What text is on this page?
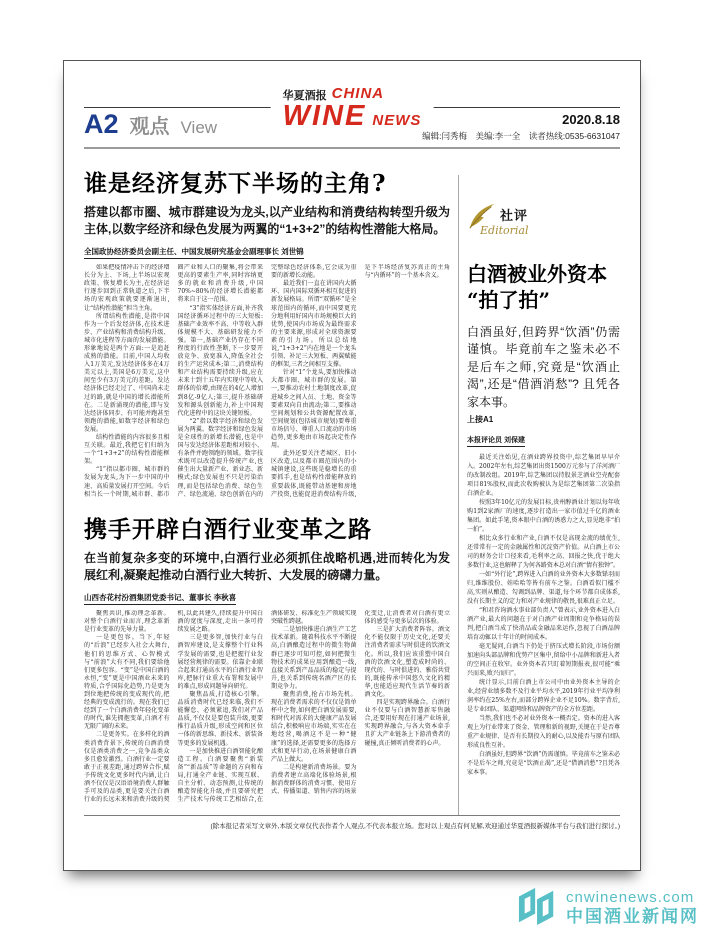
华夏酒报 CHINA
WINE NEWS
A2 观点 View	2020.8.18
编辑:闫秀梅　美编:李一全　读者热线:0535-6631047
谁是经济复苏下半场的主角?
搭建以都市圈、城市群建设为龙头,以产业结构和消费结构转型升级为主体,以数字经济和绿色发展为两翼的“1+3+2”的结构性潜能大格局。
全国政协经济委员会副主任、中国发展研究基金会副理事长 刘世锦

如果把疫情冲击下的经济增长分为上、下场,上半场以宏观政策、恢复增长为主,在经济运行逐步回到正常轨道之后,下半场的宏观政策就要逐渐退出,让“结构性潜能”担当主角。

所谓结构性潜能,是指中国作为一个后发经济体,在技术进步、产业结构和消费结构升级、城市化进程等方面的发展潜能。形象地说是两个方面:一是追赶成熟的潜能。目前,中国人均收入1万美元,发达经济体多在4万美元以上,美国是6万美元,这中间至少有3万美元的差距。发达经济体已经走过了、中国尚未走过的路,就是中国的增长潜能所在。二是新涌现的潜能,即与发达经济体同步、有可能并跑甚至领跑的潜能,如数字经济和绿色发展。

结构性潜能的内容很多且相互关联。最近,我把它们归纳为一个“1+3+2”的结构性潜能框架。

“1”指以都市圈、城市群的发展为龙头,为下一步中国的中速、高质量发展打开空间。今后相当长一个时期,城市群、都市圈产业和人口的聚集,将会带来更高的要素生产率,同时容纳更多的就业和消费升级,中国70%~80%的经济增长潜能都将来自于这一范围。

“3”指实体经济方面,补齐我国经济循环过程中的三大短板:基础产业效率不高、中等收入群体规模不大、基础研发能力不强。第一,基础产业仍存在不同程度的行政性垄断,下一步要开放竞争、放宽准入,降低全社会的生产运营成本;第二,消费结构和产业结构需要持续升级,应在未来十到十五年内实现中等收入群体的倍增,由现在的4亿人增加到8亿-9亿人;第三,提升基础研发和源头创新能力,补上中国现代化进程中的这块关键短板。

“2”指以数字经济和绿色发展为两翼。数字经济和绿色发展是全球性的新增长潜能,也是中国与发达经济体差距相对较小、有条件并跑领跑的领域。数字技术既可以改造提升传统产业,也催生出大量新产业、新业态、新模式;绿色发展也不只是污染治理,而是包括绿色消费、绿色生产、绿色流通、绿色创新在内的完整绿色经济体系,它会成为重要的新增长动能。

最近我们一直在讲国内大循环、国内国际双循环相互促进的新发展格局。所谓“双循环”是全球范围内的循环,而中国要更充分地利用好国内市场规模巨大的优势,使国内市场成为最终需求的主要来源,形成对全球资源要素的引力场。所以总结地说,“1+3+2”内在地是一个龙头引领、补足三大短板、两翼赋能的框架,三者之间相互支撑。

针对“1”个龙头,要加快推动大都市圈、城市群的发展。第一,要推动农村土地制度改革,促进城乡之间人员、土地、资金等要素双向自由流动;第二,要推动空间规划和公共资源配置改革,空间规划(包括城市规划)要尊重市场信号、尊重人口流动的市场趋势,更多地由市场起决定性作用。

此外还要关注老城区、旧小区改造,以及都市圈范围内的小城镇建设,这些既是稳增长的重要抓手,也是结构性潜能释放的重要载体,既能带动基建和房地产投资,也能促进消费结构升级,是下半场经济复苏真正的主角与“内循环”的一个基本含义。

携手开辟白酒行业变革之路
在当前复杂多变的环境中,白酒行业必须抓住战略机遇,进而转化为发展红利,凝聚起推动白酒行业大转折、大发展的磅礴力量。
山西杏花村汾酒集团党委书记、董事长 李秋喜

聚焦共识,推动理念革新。对整个白酒行业而言,理念革新是行业变革的先导力量。

一是更包容。当下,年轻的“后浪”已经步入社会大舞台,他们的思维方式、心智模式与“前浪”大有不同,我们要给他们更多包容。“变”是中国白酒的永恒,“变”更是中国酒业未来的特质,合乎国际化趋势,乃是更为到位地把传统的变成现代的,把经典的变成流行的。现在我们已经到了一个白酒消费年轻化变革的时代,谁先拥抱变革,白酒才有无限广阔的未来。

二是更务实。在多样化的酒类消费背景下,传统的白酒消费仅是酒类消费之一,竞争品类众多且愈发激烈。白酒行业一定要敢于正视差距,通过跨界合作,赋予传统文化更多时代内涵,让白酒不仅仅是汉语语境消费人群触手可及的品类,更是要关注白酒行业的长远未来和消费升级的契机,以此共建久,持续提升中国白酒的宽度与深度,走出一条可持续发展之路。

三是更多智,加快行业与白酒智库建设,是支撑整个行业科学发展的需要,也是把握行业发展经营规律的需要。依靠企业联合起来打通高水平的白酒行业智库,把脉行业重大布署和发展中的难点,形成问题导向研究。

聚焦品质,打造核心引擎。品质消费时代已经来临,我们不能懈怠、必须紧追,我们对产品品质,不仅仅是要包装升级,更要推行品质升级,形成空间和区位一体的新思维、新技术、新装备等更多的发展机遇。

一是加快推进白酒智能化酿造工程。白酒要聚焦“新装备”“新品质”等命题的方向和布局,打通全产业链、实现互联、自主分析、动态预测,让传统的酿造智能化升级,并且要研究把生产技术与传统工艺相结合,在酒体研发、标准化生产领域实现突破性跨越。

二是加快推进白酒生产工艺技术革新。随着科技水平不断提高,白酒酿造过程中的微生物菌群已逐步可知可控,如何把微生物技术的成果应用到酿造一线,直接关系到产品品质的稳定与提升,也关系到传统名酒产区的长期竞争力。

聚焦消费,抢占市场先机。现在消费者需求的不仅仅是简单杯中之物,如何把白酒发展需要,和时代对需求的大健康产品发展结合,积极响应市场端,实实在在地经营,喝酒这不是一种“健康”的选择,还需要更多的选择方式和更早行动,在场景健康白酒产品上做大。

二是构建新消费场景。要为消费者建立高端化体验场景,根据消费群体的消费习惯、使用方式、传播渠道、销售内容的场景化变迁,让消费者对白酒有更立体的感受与更多层次的体验。

三是扩大消费者阵容。酒文化不能仅限于历史文化,还要关注消费者需求与时俱进的饮酒文化。所以,我们应该重塑中国白酒的饮酒文化,塑造成时尚的、现代的、与时俱进的、雅俗共赏的,既能传承中国悠久文化的精华,也能适应现代生活节奏的新酒文化。

四是实现跨界融合。白酒行业不仅要与白酒智慧新零售融合,还要用好现在打通产业场景,实现跨界融合,与各大资本牵手且扩大产业链条上下游消费者的碰撞,真正倾听消费者的心声。

社评
Editorial
白酒被业外资本
“拍了拍”
白酒虽好,但跨界“饮酒”仍需谨慎。毕竟前车之鉴未必不是后车之师,究竟是“饮酒止渴”,还是“借酒消愁”? 且凭各家本事。
上接A1
本报评论员 刘保建

最近关注始见,在酒业跨界投资中,综艺集团早早介入。2002年左右,综艺集团出资1500万元参与了洋河酒厂的改制改组。2019年,综艺集团以持股景芝酒业空壳配套项目81%股权,而此次收购被认为是综艺集团第二次染指白酒企业。

按照3年10亿元的发展目标,贵州醇酒业计划以每年收购1到2家酒厂的速度,逐步打造出一家市值过千亿的酒业集团。如此手笔,资本眼中白酒的诱惑力之大,显见绝非“拍一拍”。

相比众多行业和产业,白酒不仅是高现金流的绩优生,还常常有一定的金融属性和沉淀资产价值。从白酒上市公司的财务会计口径来看,毛利率之高、回报之快,优于绝大多数行业,这也解释了为何各路资本总对白酒“情有独钟”。

一如“外行论”,跨界进入白酒的业外资本大多数铩羽而归,维维股份、娃哈哈等皆有前车之鉴。白酒看似门槛不高,实则从酿造、勾调到品牌、渠道,每个环节都自成体系,没有长期主义的定力和对产业规律的敬畏,很难真正立足。

“和君咨询酒水事业部负责人”曾表示,业外资本进入白酒产业,最大的问题在于对白酒产业周期和竞争格局的误判,把白酒当成了快消品或金融品来运作,忽视了白酒品牌培育动辄以十年计的时间成本。

毫无疑问,白酒当下仍处于挤压式增长阶段,市场份额加速向头部品牌和优势产区集中,留给中小品牌和新进入者的空间正在收窄。业外资本若只盯着短期报表,很可能“乘兴而来,败兴而归”。

统计显示,目前白酒上市公司中由业外资本主导的企业,经营业绩多数不及行业平均水平,2019年行业平均净利润率约在25%左右,而部分跨界企业不足10%。数字背后,是专业团队、渠道网络和品牌资产的全方位差距。

当然,我们也不必对业外资本一概否定。资本的进入客观上为行业带来了资金、管理和新的视野,关键在于是否尊重产业规律、是否有长期投入的耐心,以及能否与原有团队形成良性互补。

白酒虽好,但跨界“饮酒”仍需谨慎。毕竟前车之鉴未必不是后车之师,究竟是“饮酒止渴”,还是“借酒消愁”?且凭各家本事。

(除本报记者采写文章外,本版文章仅代表作者个人观点,不代表本报立场。您对以上观点有何见解,欢迎通过华夏酒报新媒体平台与我们进行探讨。)
cnwinenews.com
中国酒业新闻网
